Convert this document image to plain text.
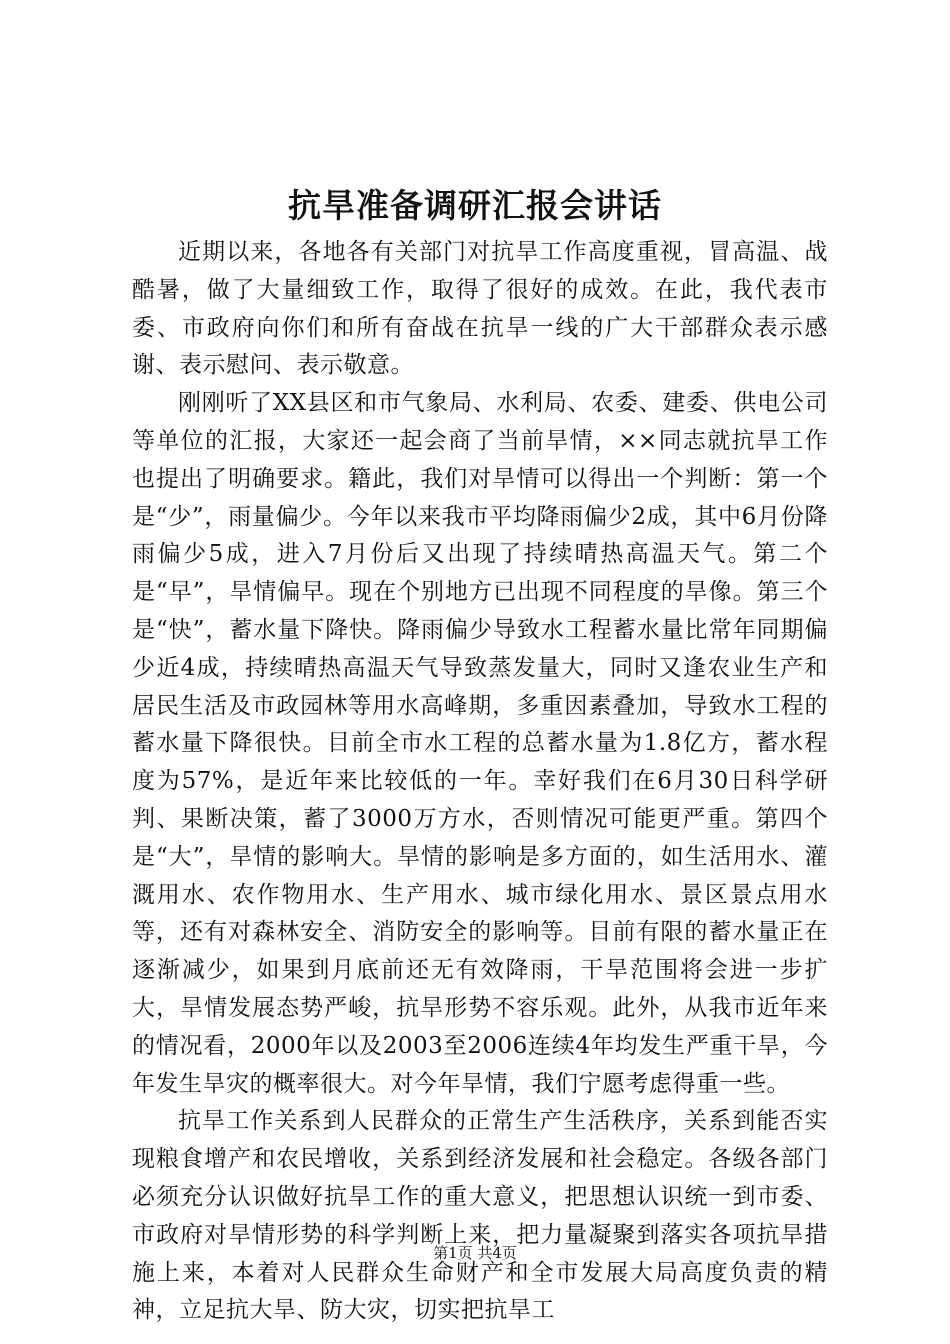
抗旱准备调研汇报会讲话

近期以来，各地各有关部门对抗旱工作高度重视，冒高温、战酷暑，做了大量细致工作，取得了很好的成效。在此，我代表市委、市政府向你们和所有奋战在抗旱一线的广大干部群众表示感谢、表示慰问、表示敬意。

刚刚听了XX县区和市气象局、水利局、农委、建委、供电公司等单位的汇报，大家还一起会商了当前旱情，××同志就抗旱工作也提出了明确要求。籍此，我们对旱情可以得出一个判断：第一个是“少”，雨量偏少。今年以来我市平均降雨偏少2成，其中6月份降雨偏少5成，进入7月份后又出现了持续晴热高温天气。第二个是“早”，旱情偏早。现在个别地方已出现不同程度的旱像。第三个是“快”，蓄水量下降快。降雨偏少导致水工程蓄水量比常年同期偏少近4成，持续晴热高温天气导致蒸发量大，同时又逢农业生产和居民生活及市政园林等用水高峰期，多重因素叠加，导致水工程的蓄水量下降很快。目前全市水工程的总蓄水量为1.8亿方，蓄水程度为57%，是近年来比较低的一年。幸好我们在6月30日科学研判、果断决策，蓄了3000万方水，否则情况可能更严重。第四个是“大”，旱情的影响大。旱情的影响是多方面的，如生活用水、灌溉用水、农作物用水、生产用水、城市绿化用水、景区景点用水等，还有对森林安全、消防安全的影响等。目前有限的蓄水量正在逐渐减少，如果到月底前还无有效降雨，干旱范围将会进一步扩大，旱情发展态势严峻，抗旱形势不容乐观。此外，从我市近年来的情况看，2000年以及2003至2006连续4年均发生严重干旱，今年发生旱灾的概率很大。对今年旱情，我们宁愿考虑得重一些。

抗旱工作关系到人民群众的正常生产生活秩序，关系到能否实现粮食增产和农民增收，关系到经济发展和社会稳定。各级各部门必须充分认识做好抗旱工作的重大意义，把思想认识统一到市委、市政府对旱情形势的科学判断上来，把力量凝聚到落实各项抗旱措施上来，本着对人民群众生命财产和全市发展大局高度负责的精神，立足抗大旱、防大灾，切实把抗旱工

第1页 共4页
